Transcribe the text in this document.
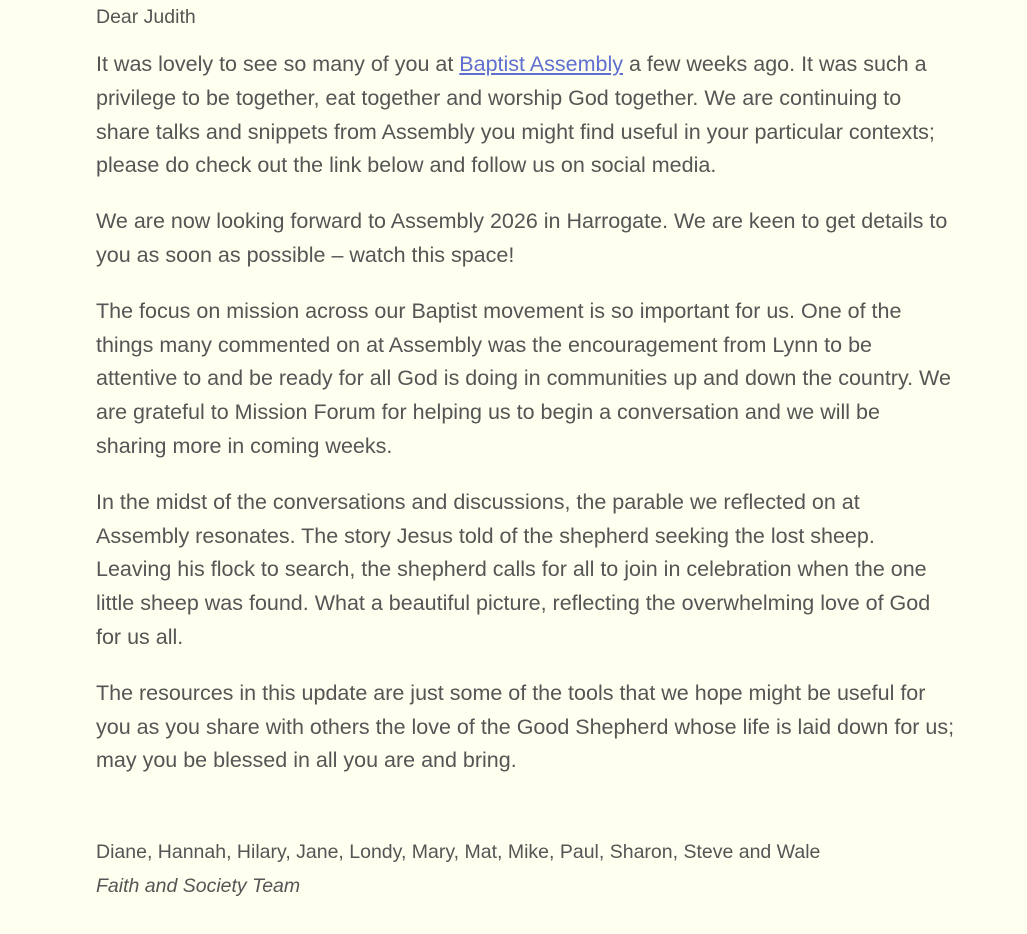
Dear Judith

It was lovely to see so many of you at Baptist Assembly a few weeks ago. It was such a privilege to be together, eat together and worship God together. We are continuing to share talks and snippets from Assembly you might find useful in your particular contexts; please do check out the link below and follow us on social media.

We are now looking forward to Assembly 2026 in Harrogate. We are keen to get details to you as soon as possible – watch this space!

The focus on mission across our Baptist movement is so important for us. One of the things many commented on at Assembly was the encouragement from Lynn to be attentive to and be ready for all God is doing in communities up and down the country. We are grateful to Mission Forum for helping us to begin a conversation and we will be sharing more in coming weeks.

In the midst of the conversations and discussions, the parable we reflected on at Assembly resonates. The story Jesus told of the shepherd seeking the lost sheep. Leaving his flock to search, the shepherd calls for all to join in celebration when the one little sheep was found. What a beautiful picture, reflecting the overwhelming love of God for us all.

The resources in this update are just some of the tools that we hope might be useful for you as you share with others the love of the Good Shepherd whose life is laid down for us; may you be blessed in all you are and bring.

Diane, Hannah, Hilary, Jane, Londy, Mary, Mat, Mike, Paul, Sharon, Steve and Wale
Faith and Society Team
